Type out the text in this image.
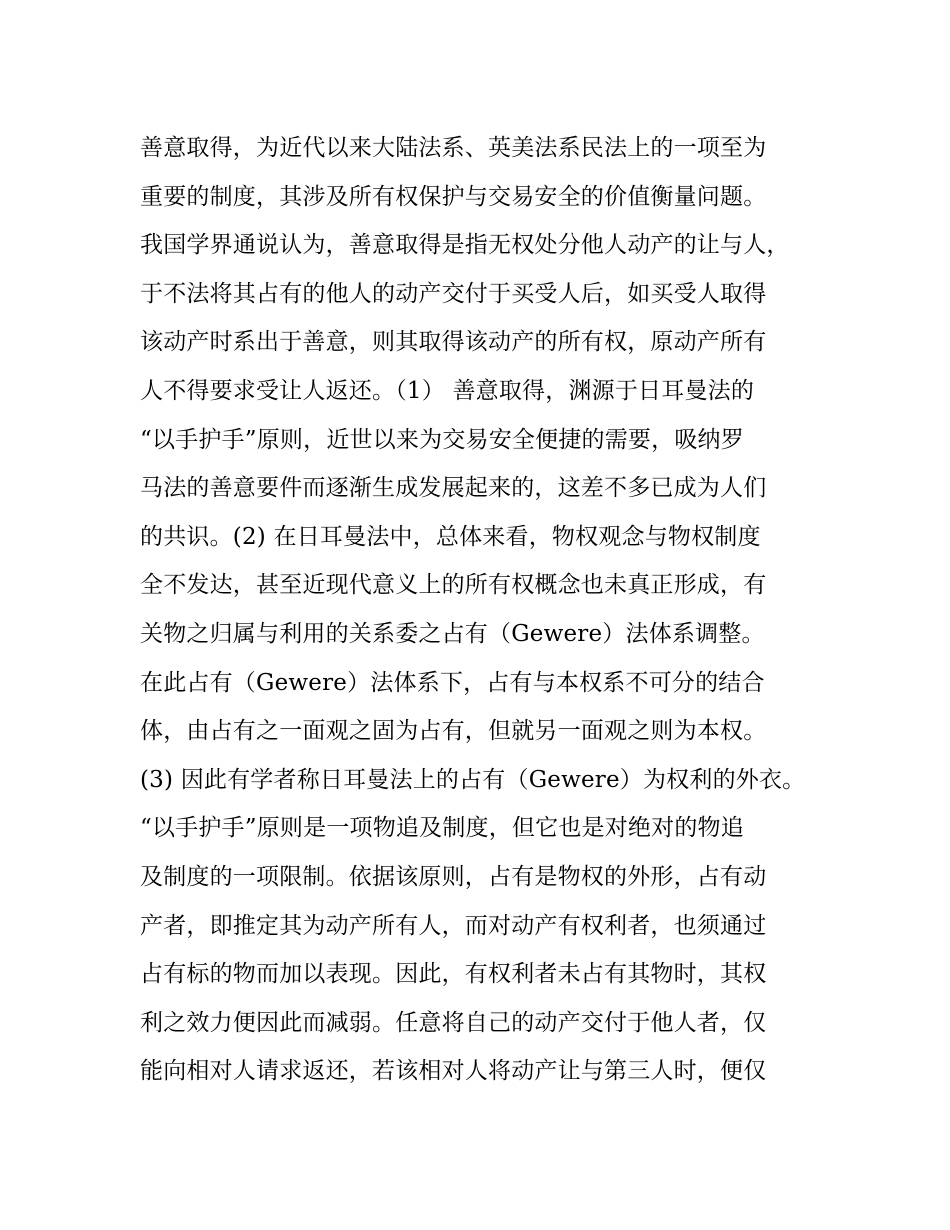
善意取得，为近代以来大陆法系、英美法系民法上的一项至为
重要的制度，其涉及所有权保护与交易安全的价值衡量问题。
我国学界通说认为，善意取得是指无权处分他人动产的让与人，
于不法将其占有的他人的动产交付于买受人后，如买受人取得
该动产时系出于善意，则其取得该动产的所有权，原动产所有
人不得要求受让人返还。（1） 善意取得，渊源于日耳曼法的
“以手护手”原则，近世以来为交易安全便捷的需要，吸纳罗
马法的善意要件而逐渐生成发展起来的，这差不多已成为人们
的共识。(2) 在日耳曼法中，总体来看，物权观念与物权制度
全不发达，甚至近现代意义上的所有权概念也未真正形成，有
关物之归属与利用的关系委之占有（Gewere）法体系调整。
在此占有（Gewere）法体系下，占有与本权系不可分的结合
体，由占有之一面观之固为占有，但就另一面观之则为本权。
(3) 因此有学者称日耳曼法上的占有（Gewere）为权利的外衣。
“以手护手”原则是一项物追及制度，但它也是对绝对的物追
及制度的一项限制。依据该原则，占有是物权的外形，占有动
产者，即推定其为动产所有人，而对动产有权利者，也须通过
占有标的物而加以表现。因此，有权利者未占有其物时，其权
利之效力便因此而减弱。任意将自己的动产交付于他人者，仅
能向相对人请求返还，若该相对人将动产让与第三人时，便仅
